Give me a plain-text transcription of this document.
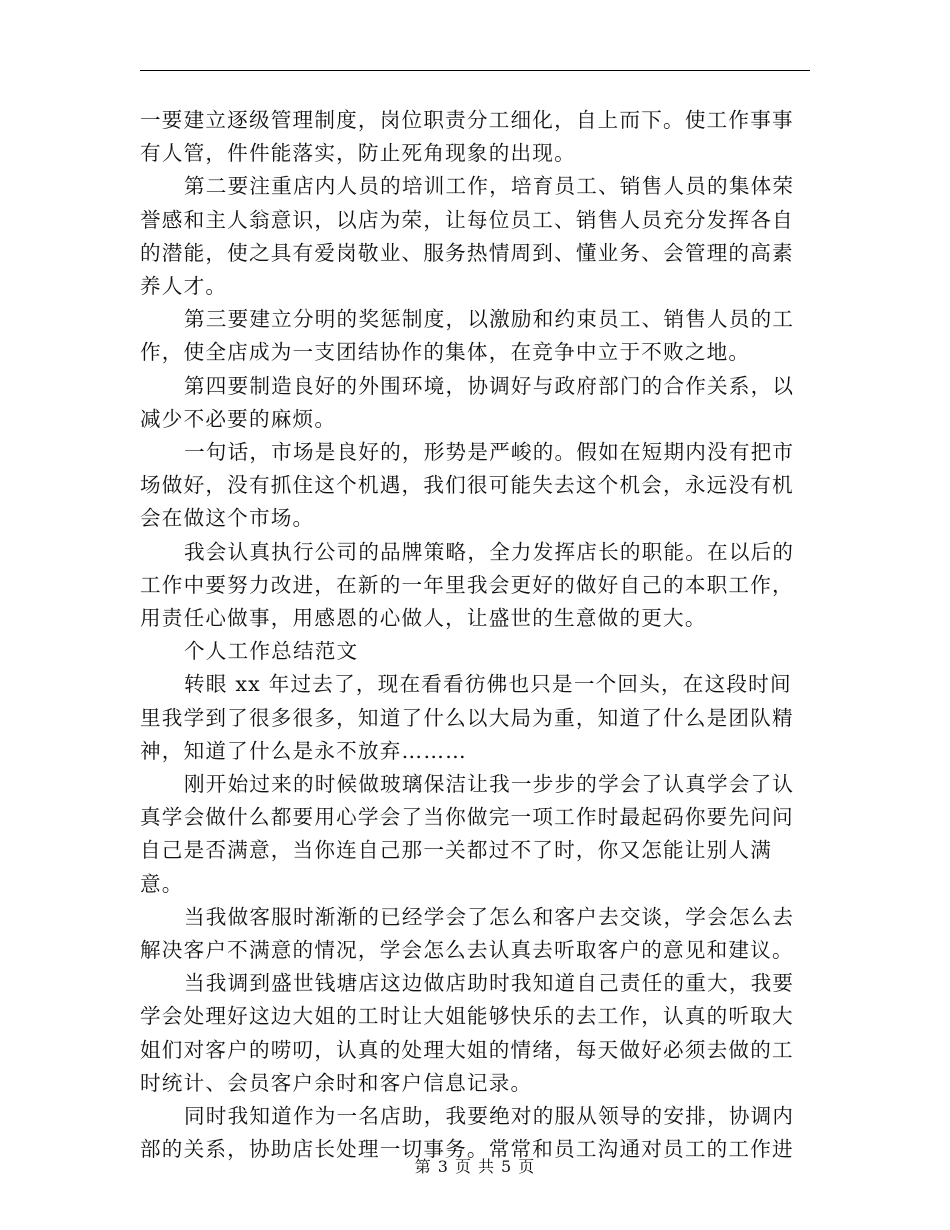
一要建立逐级管理制度，岗位职责分工细化，自上而下。使工作事事有人管，件件能落实，防止死角现象的出现。

第二要注重店内人员的培训工作，培育员工、销售人员的集体荣誉感和主人翁意识，以店为荣，让每位员工、销售人员充分发挥各自的潜能，使之具有爱岗敬业、服务热情周到、懂业务、会管理的高素养人才。

第三要建立分明的奖惩制度，以激励和约束员工、销售人员的工作，使全店成为一支团结协作的集体，在竞争中立于不败之地。

第四要制造良好的外围环境，协调好与政府部门的合作关系，以减少不必要的麻烦。

一句话，市场是良好的，形势是严峻的。假如在短期内没有把市场做好，没有抓住这个机遇，我们很可能失去这个机会，永远没有机会在做这个市场。

我会认真执行公司的品牌策略，全力发挥店长的职能。在以后的工作中要努力改进，在新的一年里我会更好的做好自己的本职工作，用责任心做事，用感恩的心做人，让盛世的生意做的更大。

个人工作总结范文

转眼 xx 年过去了，现在看看彷佛也只是一个回头，在这段时间里我学到了很多很多，知道了什么以大局为重，知道了什么是团队精神，知道了什么是永不放弃………

刚开始过来的时候做玻璃保洁让我一步步的学会了认真学会了认真学会做什么都要用心学会了当你做完一项工作时最起码你要先问问自己是否满意，当你连自己那一关都过不了时，你又怎能让别人满意。

当我做客服时渐渐的已经学会了怎么和客户去交谈，学会怎么去解决客户不满意的情况，学会怎么去认真去听取客户的意见和建议。

当我调到盛世钱塘店这边做店助时我知道自己责任的重大，我要学会处理好这边大姐的工时让大姐能够快乐的去工作，认真的听取大姐们对客户的唠叨，认真的处理大姐的情绪，每天做好必须去做的工时统计、会员客户余时和客户信息记录。

同时我知道作为一名店助，我要绝对的服从领导的安排，协调内部的关系，协助店长处理一切事务。常常和员工沟通对员工的工作进

第 3 页 共 5 页
